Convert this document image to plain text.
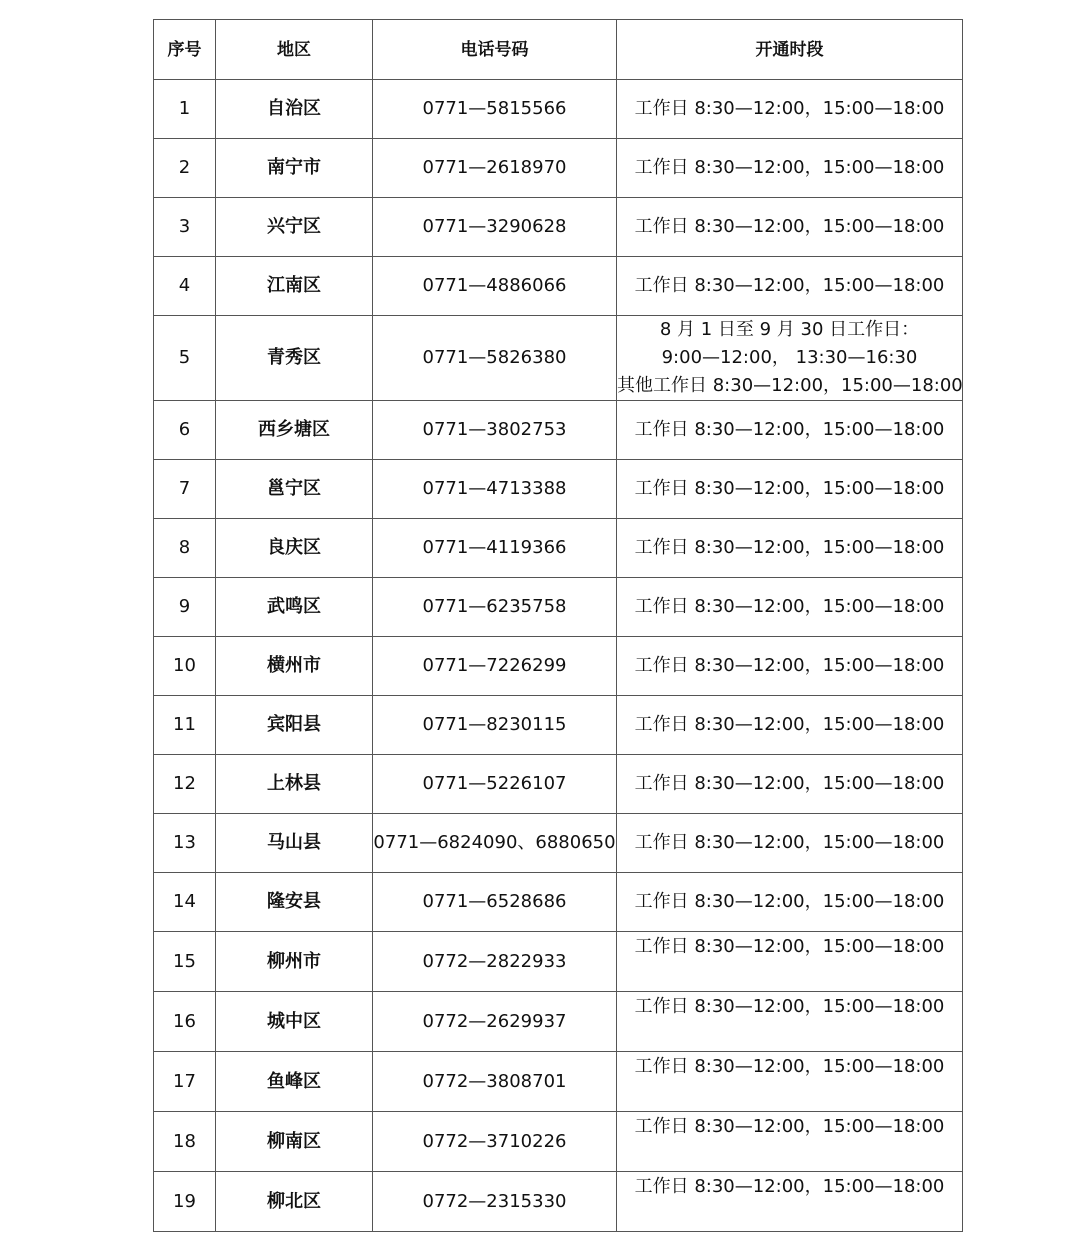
序号	地区	电话号码	开通时段
1	自治区	0771—5815566	工作日 8:30—12:00，15:00—18:00

2	南宁市	0771—2618970	工作日 8:30—12:00，15:00—18:00

3	兴宁区	0771—3290628	工作日 8:30—12:00，15:00—18:00

4	江南区	0771—4886066	工作日 8:30—12:00，15:00—18:00

5	青秀区	0771—5826380	8 月 1 日至 9 月 30 日工作日：
9:00—12:00， 13:30—16:30
其他工作日 8:30—12:00，15:00—18:00

6	西乡塘区	0771—3802753	工作日 8:30—12:00，15:00—18:00

7	邕宁区	0771—4713388	工作日 8:30—12:00，15:00—18:00

8	良庆区	0771—4119366	工作日 8:30—12:00，15:00—18:00

9	武鸣区	0771—6235758	工作日 8:30—12:00，15:00—18:00

10	横州市	0771—7226299	工作日 8:30—12:00，15:00—18:00

11	宾阳县	0771—8230115	工作日 8:30—12:00，15:00—18:00

12	上林县	0771—5226107	工作日 8:30—12:00，15:00—18:00

13	马山县	0771—6824090、6880650	工作日 8:30—12:00，15:00—18:00

14	隆安县	0771—6528686	工作日 8:30—12:00，15:00—18:00

15	柳州市	0772—2822933	工作日 8:30—12:00，15:00—18:00

16	城中区	0772—2629937	工作日 8:30—12:00，15:00—18:00

17	鱼峰区	0772—3808701	工作日 8:30—12:00，15:00—18:00

18	柳南区	0772—3710226	工作日 8:30—12:00，15:00—18:00

19	柳北区	0772—2315330	工作日 8:30—12:00，15:00—18:00
